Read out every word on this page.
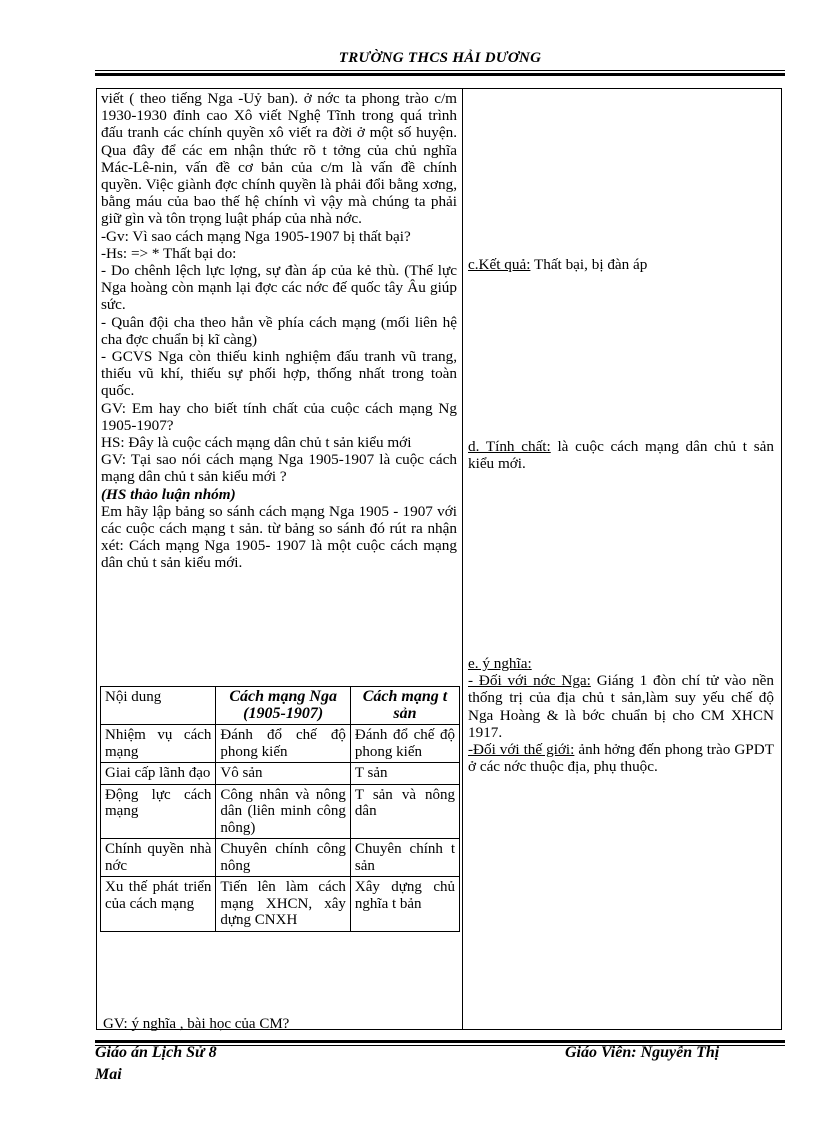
TRƯỜNG THCS HẢI DƯƠNG

viết ( theo tiếng Nga -Uỷ ban). ở nớc ta phong trào c/m 1930-1930 đỉnh cao Xô viết Nghệ Tĩnh trong quá trình đấu tranh các chính quyền xô viết ra đời ở một số huyện. Qua đây để các em nhận thức rõ t tởng của chủ nghĩa Mác-Lê-nin, vấn đề cơ bản của c/m là vấn đề chính quyền. Việc giành đợc chính quyền là phải đổi bằng xơng, bằng máu của bao thế hệ chính vì vậy mà chúng ta phải giữ gìn và tôn trọng luật pháp của nhà nớc.

-Gv: Vì sao cách mạng Nga 1905-1907 bị thất bại?

-Hs: => * Thất bại do:

- Do chênh lệch lực lợng, sự đàn áp của kẻ thù. (Thế lực Nga hoàng còn mạnh lại đợc các nớc đế quốc tây Âu giúp sức.

- Quân đội cha theo hẳn về phía cách mạng (mối liên hệ cha đợc chuẩn bị kĩ càng)

- GCVS Nga còn thiếu kinh nghiệm đấu tranh vũ trang, thiếu vũ khí, thiếu sự phối hợp, thống nhất trong toàn quốc.

GV: Em hay cho biết tính chất của cuộc cách mạng Ng 1905-1907?

HS: Đây là cuộc cách mạng dân chủ t sản kiểu mới

GV: Tại sao nói cách mạng Nga 1905-1907 là cuộc cách mạng dân chủ t sản kiểu mới ?

(HS thảo luận nhóm)

Em hãy lập bảng so sánh cách mạng Nga 1905 - 1907 với các cuộc cách mạng t sản. từ bảng so sánh đó rút ra nhận xét: Cách mạng Nga 1905- 1907 là một cuộc cách mạng dân chủ t sản kiểu mới.

Nội dung	Cách mạng Nga (1905-1907)	Cách mạng t sản
Nhiệm vụ cách mạng	Đánh đổ chế độ phong kiến	Đánh đổ chế độ phong kiến
Giai cấp lãnh đạo	Vô sản	T sản
Động lực cách mạng	Công nhân và nông dân (liên minh công nông)	T sản và nông dân
Chính quyền nhà nớc	Chuyên chính công nông	Chuyên chính t sản
Xu thế phát triển của cách mạng	Tiến lên làm cách mạng XHCN, xây dựng CNXH	Xây dựng chủ nghĩa t bản
GV: ý nghĩa , bài học của CM?

c.Kết quả: Thất bại, bị đàn áp

d. Tính chất: là cuộc cách mạng dân chủ t sản kiểu mới.

e. ý nghĩa:

- Đối với nớc Nga: Giáng 1 đòn chí tử vào nền thống trị của địa chủ t sản,làm suy yếu chế độ Nga Hoàng & là bớc chuẩn bị cho CM XHCN 1917.

-Đối với thế giới: ảnh hởng đến phong trào GPDT ở các nớc thuộc địa, phụ thuộc.

Giáo án Lịch Sử 8	Giáo Viên: Nguyễn Thị
Mai
